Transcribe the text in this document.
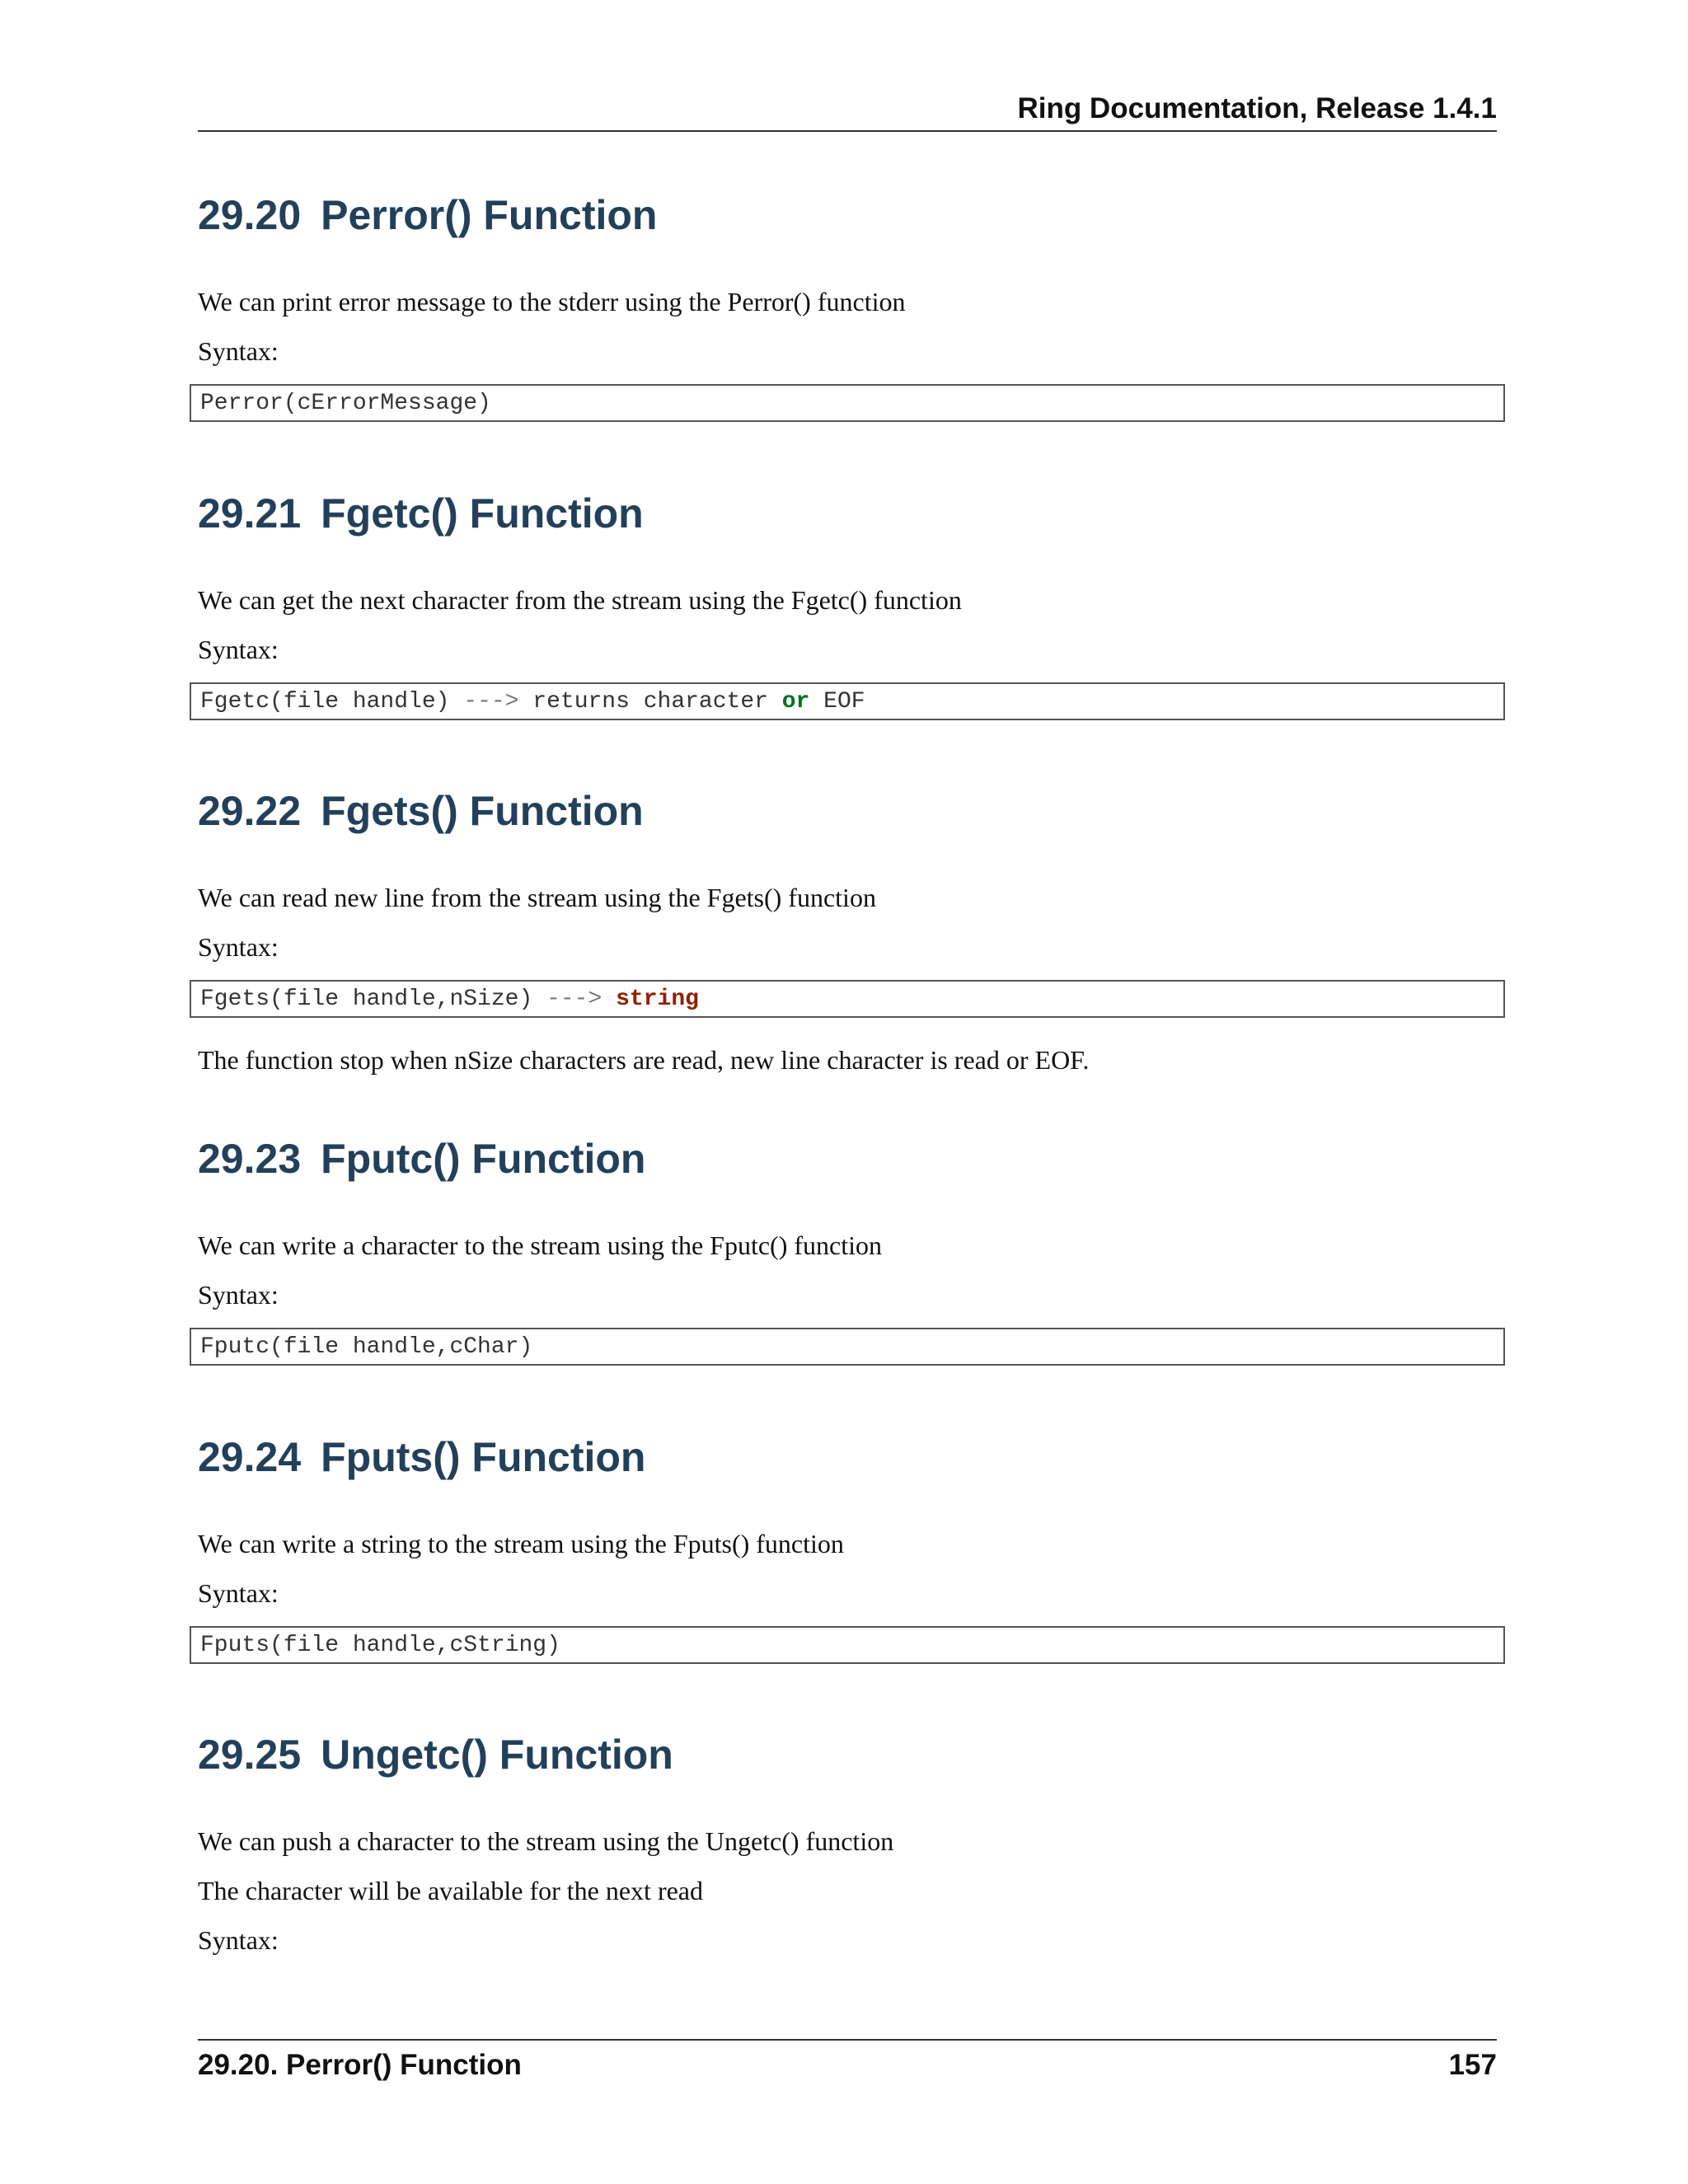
Ring Documentation, Release 1.4.1
29.20 Perror() Function

We can print error message to the stderr using the Perror() function

Syntax:

Perror(cErrorMessage)
29.21 Fgetc() Function

We can get the next character from the stream using the Fgetc() function

Syntax:

Fgetc(file handle) ---> returns character or EOF
29.22 Fgets() Function

We can read new line from the stream using the Fgets() function

Syntax:

Fgets(file handle,nSize) ---> string

The function stop when nSize characters are read, new line character is read or EOF.

29.23 Fputc() Function

We can write a character to the stream using the Fputc() function

Syntax:

Fputc(file handle,cChar)
29.24 Fputs() Function

We can write a string to the stream using the Fputs() function

Syntax:

Fputs(file handle,cString)
29.25 Ungetc() Function

We can push a character to the stream using the Ungetc() function

The character will be available for the next read

Syntax:

29.20. Perror() Function	157
